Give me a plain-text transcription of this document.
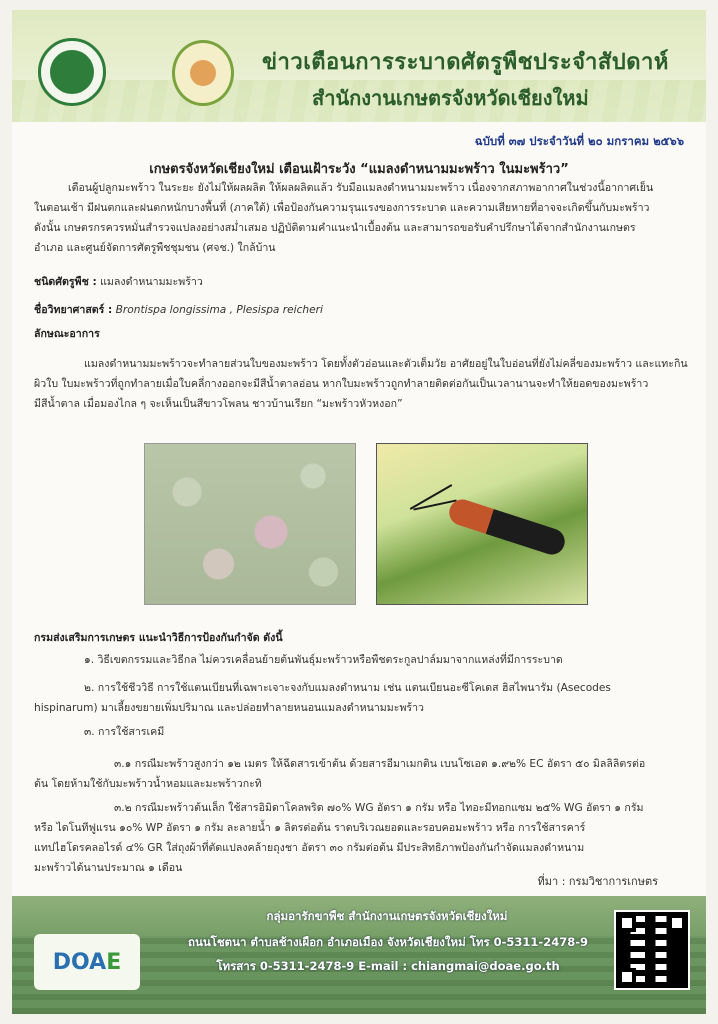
ข่าวเตือนการระบาดศัตรูพืชประจำสัปดาห์
สำนักงานเกษตรจังหวัดเชียงใหม่
ฉบับที่ ๓๗ ประจำวันที่ ๒๐ มกราคม ๒๕๖๖
เกษตรจังหวัดเชียงใหม่ เตือนเฝ้าระวัง “แมลงดำหนามมะพร้าว ในมะพร้าว”
เตือนผู้ปลูกมะพร้าว ในระยะ ยังไม่ให้ผลผลิต ให้ผลผลิตแล้ว รับมือแมลงดำหนามมะพร้าว เนื่องจากสภาพอากาศในช่วงนี้อากาศเย็น
ในตอนเช้า มีฝนตกและฝนตกหนักบางพื้นที่ (ภาคใต้) เพื่อป้องกันความรุนแรงของการระบาด และความเสียหายที่อาจจะเกิดขึ้นกับมะพร้าว
ดังนั้น เกษตรกรควรหมั่นสำรวจแปลงอย่างสม่ำเสมอ ปฏิบัติตามคำแนะนำเบื้องต้น และสามารถขอรับคำปรึกษาได้จากสำนักงานเกษตร
อำเภอ และศูนย์จัดการศัตรูพืชชุมชน (ศจช.) ใกล้บ้าน
ชนิดศัตรูพืช : แมลงดำหนามมะพร้าว
ชื่อวิทยาศาสตร์ : Brontispa longissima , Plesispa reicheri
ลักษณะอาการ
แมลงดำหนามมะพร้าวจะทำลายส่วนใบของมะพร้าว โดยทั้งตัวอ่อนและตัวเต็มวัย อาศัยอยู่ในใบอ่อนที่ยังไม่คลี่ของมะพร้าว และแทะกิน
ผิวใบ ใบมะพร้าวที่ถูกทำลายเมื่อใบคลี่กางออกจะมีสีน้ำตาลอ่อน หากใบมะพร้าวถูกทำลายติดต่อกันเป็นเวลานานจะทำให้ยอดของมะพร้าว
มีสีน้ำตาล เมื่อมองไกล ๆ จะเห็นเป็นสีขาวโพลน ชาวบ้านเรียก “มะพร้าวหัวหงอก”
กรมส่งเสริมการเกษตร แนะนำวิธีการป้องกันกำจัด ดังนี้
๑. วิธีเขตกรรมและวิธีกล ไม่ควรเคลื่อนย้ายต้นพันธุ์มะพร้าวหรือพืชตระกูลปาล์มมาจากแหล่งที่มีการระบาด
๒. การใช้ชีววิธี การใช้แตนเบียนที่เฉพาะเจาะจงกับแมลงดำหนาม เช่น แตนเบียนอะซีโคเดส ฮิสไพนารัม (Asecodes
hispinarum) มาเลี้ยงขยายเพิ่มปริมาณ และปล่อยทำลายหนอนแมลงดำหนามมะพร้าว
๓. การใช้สารเคมี
๓.๑ กรณีมะพร้าวสูงกว่า ๑๒ เมตร ให้ฉีดสารเข้าต้น ด้วยสารอีมาเมกติน เบนโซเอต ๑.๙๒% EC อัตรา ๕๐ มิลลิลิตรต่อ
ต้น โดยห้ามใช้กับมะพร้าวน้ำหอมและมะพร้าวกะทิ
๓.๒ กรณีมะพร้าวต้นเล็ก ใช้สารอิมิดาโคลพริด ๗๐% WG อัตรา ๑ กรัม หรือ ไทอะมีทอกแซม ๒๕% WG อัตรา ๑ กรัม
หรือ ไดโนทีฟูแรน ๑๐% WP อัตรา ๑ กรัม ละลายน้ำ ๑ ลิตรต่อต้น ราดบริเวณยอดและรอบคอมะพร้าว หรือ การใช้สารคาร์
แทปไฮโดรคลอไรด์ ๔% GR ใส่ถุงผ้าที่ตัดแปลงคล้ายถุงชา อัตรา ๓๐ กรัมต่อต้น มีประสิทธิภาพป้องกันกำจัดแมลงดำหนาม
มะพร้าวได้นานประมาณ ๑ เดือน
ที่มา : กรมวิชาการเกษตร
DOA E
กลุ่มอารักขาพืช สำนักงานเกษตรจังหวัดเชียงใหม่
ถนนโชตนา ตำบลช้างเผือก อำเภอเมือง จังหวัดเชียงใหม่ โทร 0-5311-2478-9
โทรสาร 0-5311-2478-9 E-mail : chiangmai@doae.go.th
